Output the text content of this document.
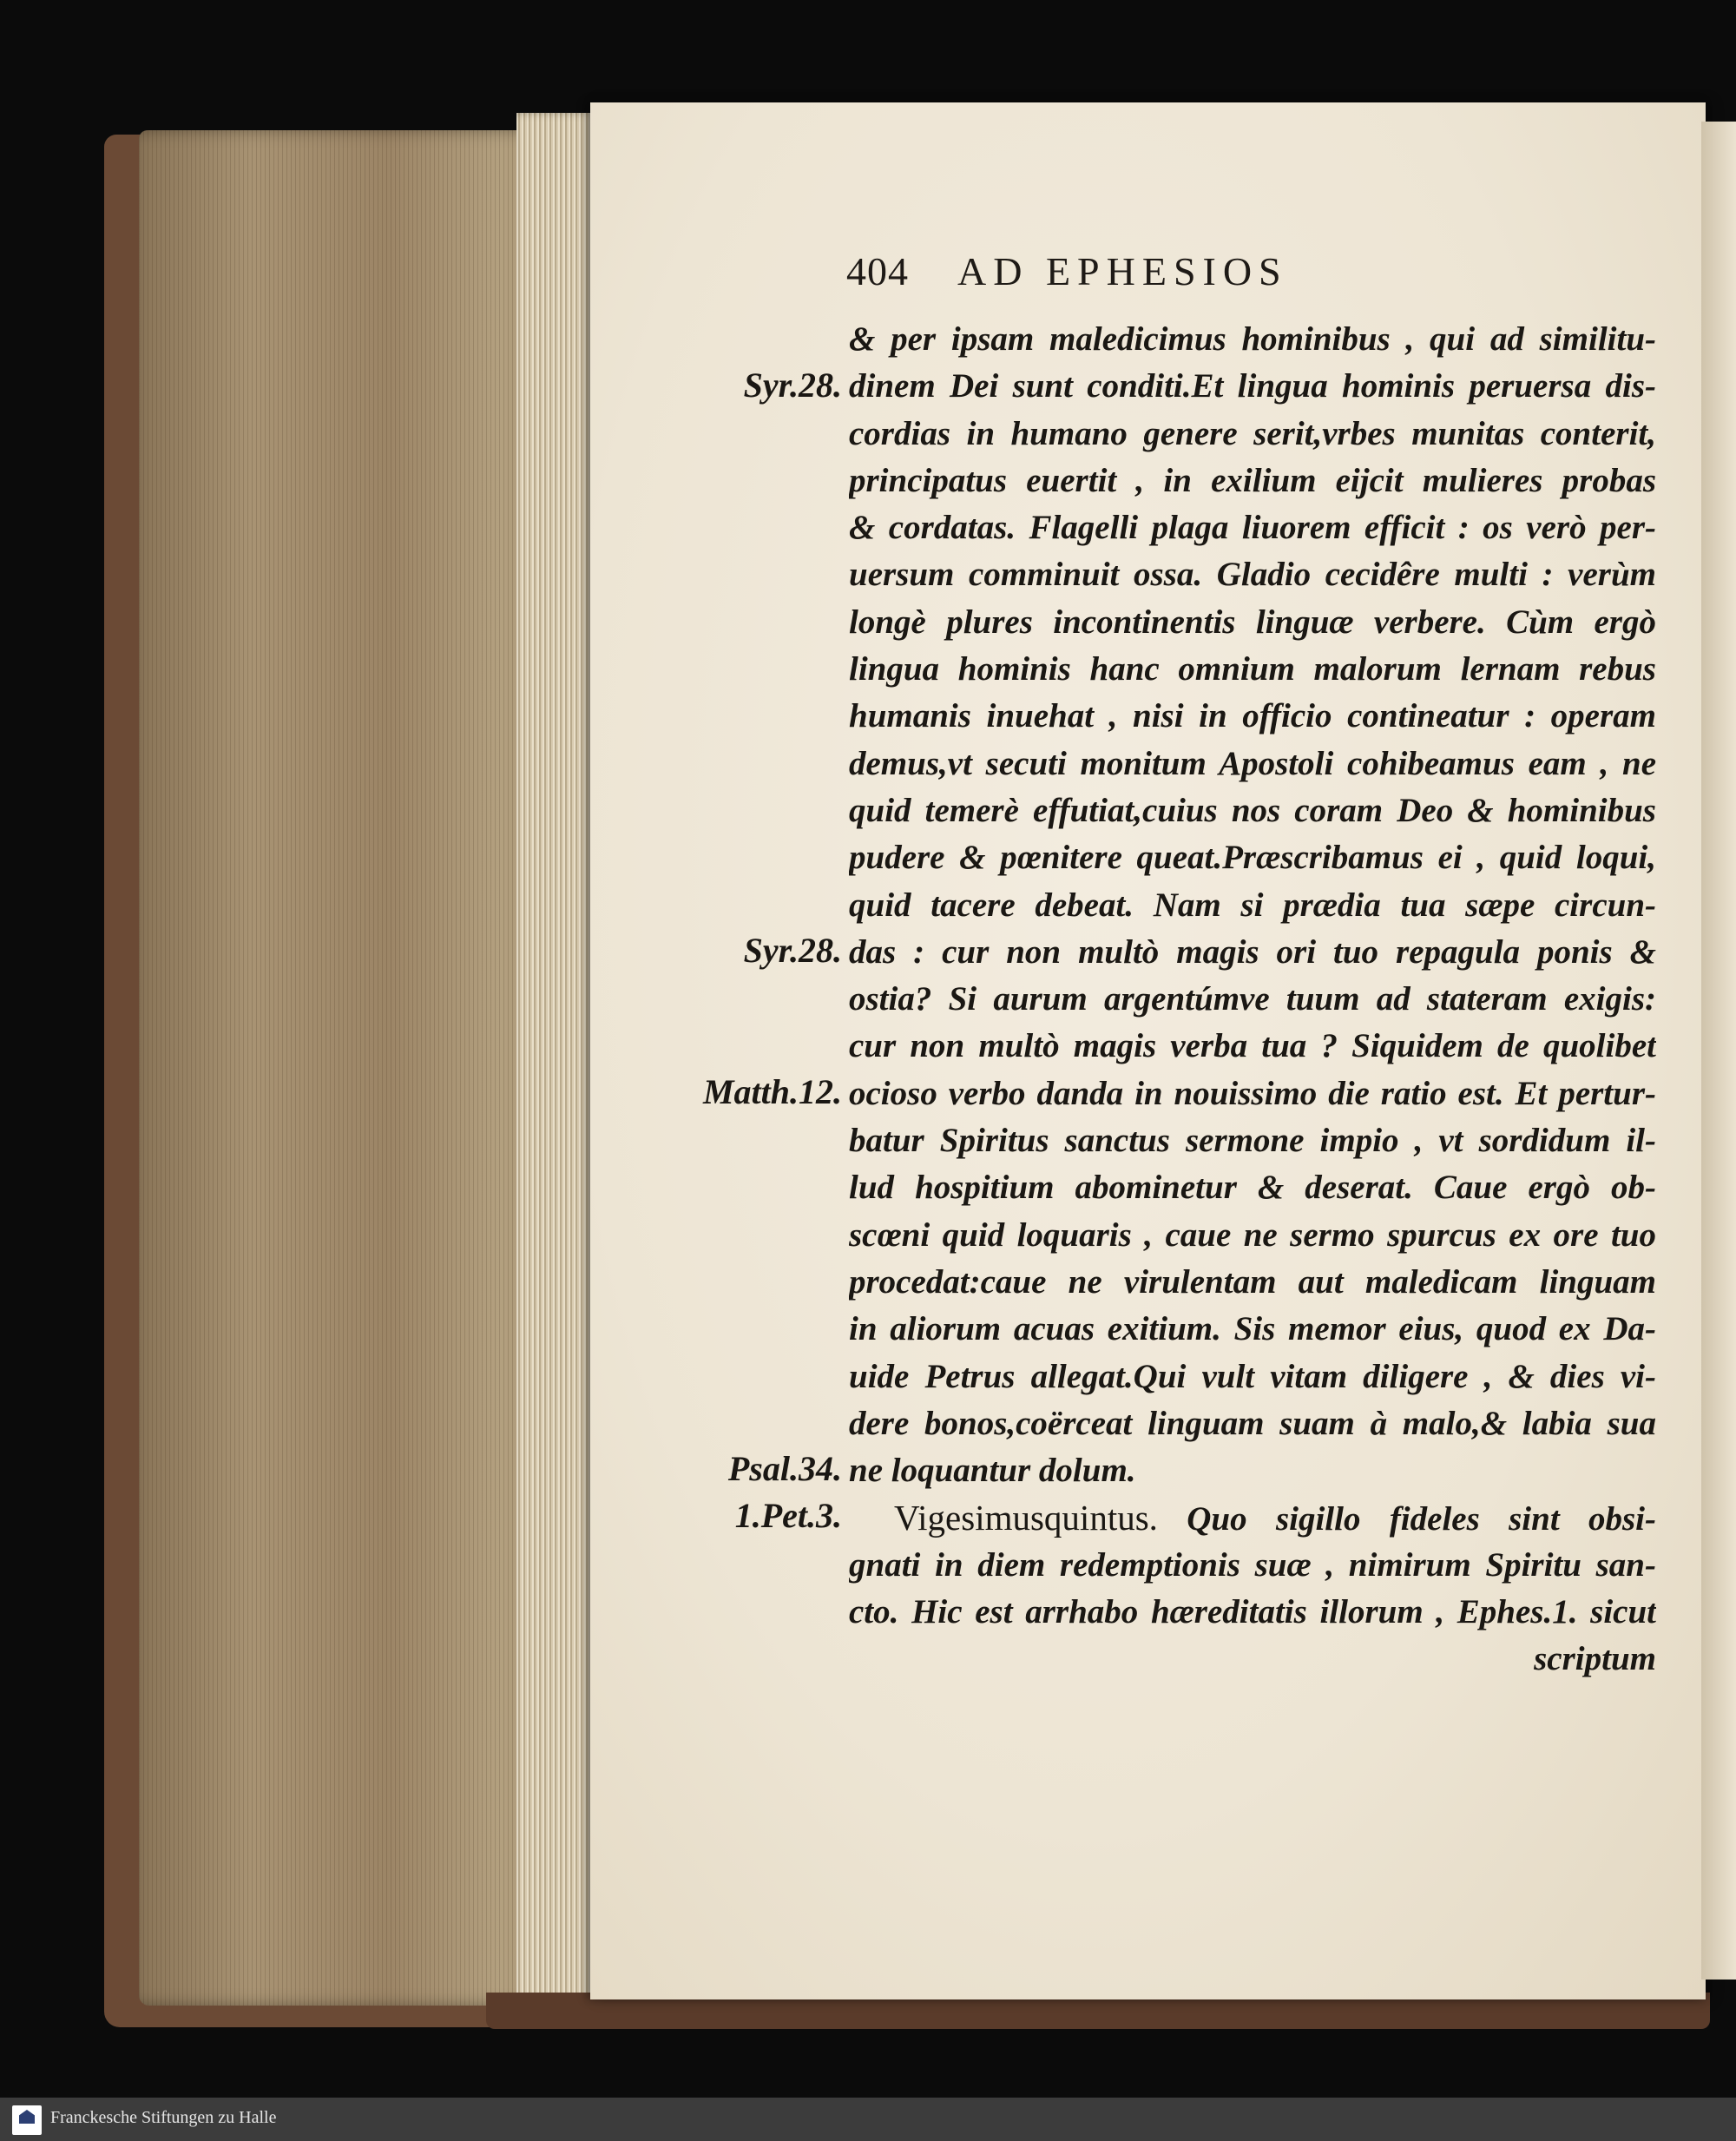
404 AD EPHESIOS
& per ipsam maledicimus hominibus , qui ad similitu-
dinem Dei sunt conditi.Et lingua hominis peruersa dis-
cordias in humano genere serit,vrbes munitas conterit,
principatus euertit , in exilium eijcit mulieres probas
& cordatas. Flagelli plaga liuorem efficit : os verò per-
uersum comminuit ossa. Gladio cecidêre multi : verùm
longè plures incontinentis linguæ verbere. Cùm ergò
lingua hominis hanc omnium malorum lernam rebus
humanis inuehat , nisi in officio contineatur : operam
demus,vt secuti monitum Apostoli cohibeamus eam , ne
quid temerè effutiat,cuius nos coram Deo & hominibus
pudere & pœnitere queat.Præscribamus ei , quid loqui,
quid tacere debeat. Nam si prædia tua sæpe circun-
das : cur non multò magis ori tuo repagula ponis &
ostia? Si aurum argentúmve tuum ad stateram exigis:
cur non multò magis verba tua ? Siquidem de quolibet
ocioso verbo danda in nouissimo die ratio est. Et pertur-
batur Spiritus sanctus sermone impio , vt sordidum il-
lud hospitium abominetur & deserat. Caue ergò ob-
scœni quid loquaris , caue ne sermo spurcus ex ore tuo
procedat:caue ne virulentam aut maledicam linguam
in aliorum acuas exitium. Sis memor eius, quod ex Da-
uide Petrus allegat.Qui vult vitam diligere , & dies vi-
dere bonos,coërceat linguam suam à malo,& labia sua
ne loquantur dolum.
Vigesimusquintus. Quo sigillo fideles sint obsi-
gnati in diem redemptionis suæ , nimirum Spiritu san-
cto. Hic est arrhabo hæreditatis illorum , Ephes.1. sicut
scriptum
Syr.28.
Syr.28.
Matth.12.
Psal.34.
1.Pet.3.
Franckesche Stiftungen zu Halle
